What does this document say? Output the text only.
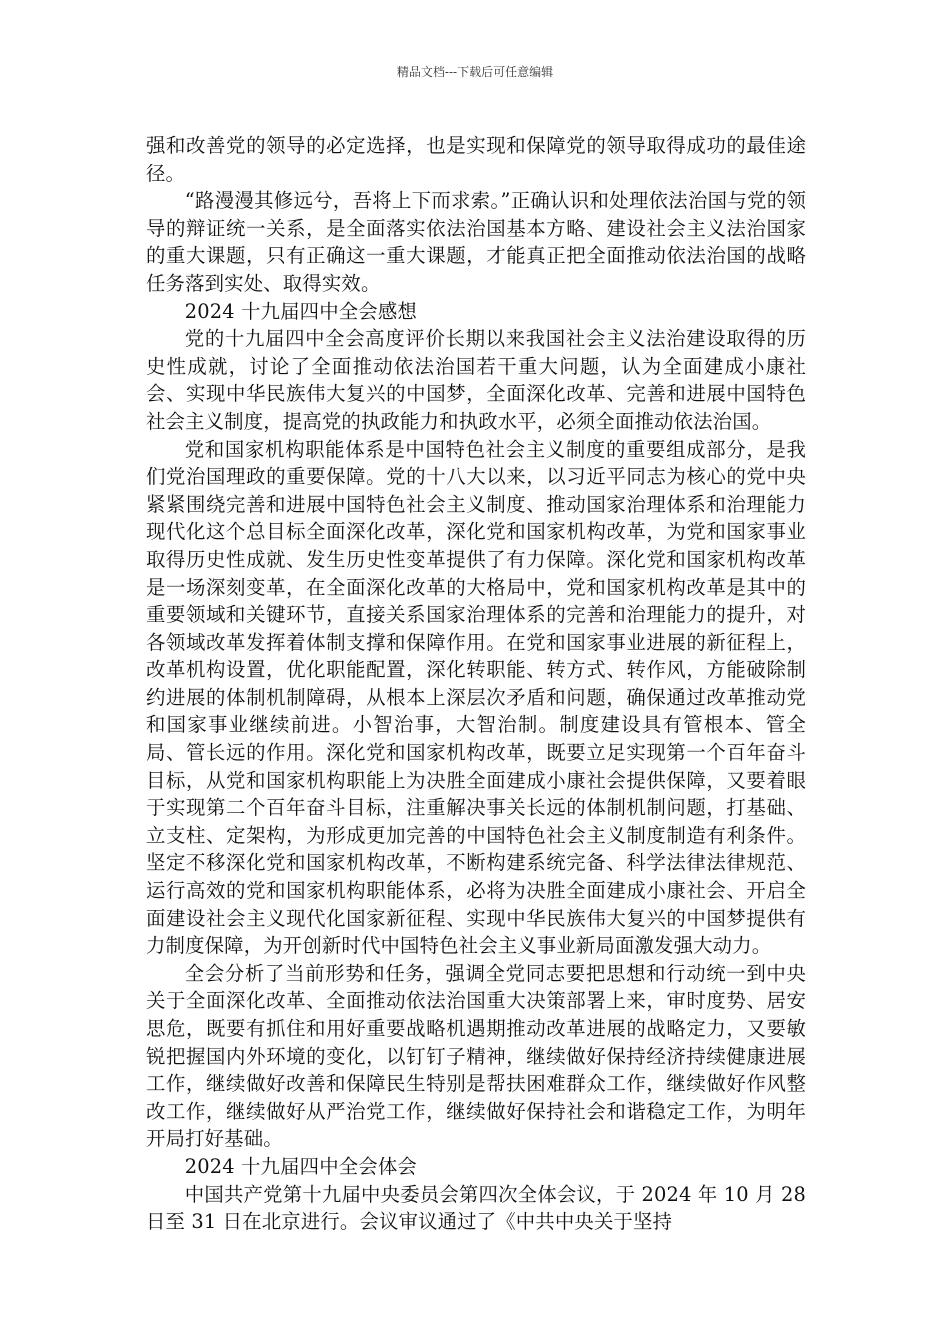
精品文档---下载后可任意编辑

强和改善党的领导的必定选择，也是实现和保障党的领导取得成功的最佳途径。

“路漫漫其修远兮，吾将上下而求索。”正确认识和处理依法治国与党的领导的辩证统一关系，是全面落实依法治国基本方略、建设社会主义法治国家的重大课题，只有正确这一重大课题，才能真正把全面推动依法治国的战略任务落到实处、取得实效。

2024 十九届四中全会感想

党的十九届四中全会高度评价长期以来我国社会主义法治建设取得的历史性成就，讨论了全面推动依法治国若干重大问题，认为全面建成小康社会、实现中华民族伟大复兴的中国梦，全面深化改革、完善和进展中国特色社会主义制度，提高党的执政能力和执政水平，必须全面推动依法治国。

党和国家机构职能体系是中国特色社会主义制度的重要组成部分，是我们党治国理政的重要保障。党的十八大以来，以习近平同志为核心的党中央紧紧围绕完善和进展中国特色社会主义制度、推动国家治理体系和治理能力现代化这个总目标全面深化改革，深化党和国家机构改革，为党和国家事业取得历史性成就、发生历史性变革提供了有力保障。深化党和国家机构改革是一场深刻变革，在全面深化改革的大格局中，党和国家机构改革是其中的重要领域和关键环节，直接关系国家治理体系的完善和治理能力的提升，对各领域改革发挥着体制支撑和保障作用。在党和国家事业进展的新征程上，改革机构设置，优化职能配置，深化转职能、转方式、转作风，方能破除制约进展的体制机制障碍，从根本上深层次矛盾和问题，确保通过改革推动党和国家事业继续前进。小智治事，大智治制。制度建设具有管根本、管全局、管长远的作用。深化党和国家机构改革，既要立足实现第一个百年奋斗目标，从党和国家机构职能上为决胜全面建成小康社会提供保障，又要着眼于实现第二个百年奋斗目标，注重解决事关长远的体制机制问题，打基础、立支柱、定架构，为形成更加完善的中国特色社会主义制度制造有利条件。坚定不移深化党和国家机构改革，不断构建系统完备、科学法律法律规范、运行高效的党和国家机构职能体系，必将为决胜全面建成小康社会、开启全面建设社会主义现代化国家新征程、实现中华民族伟大复兴的中国梦提供有力制度保障，为开创新时代中国特色社会主义事业新局面激发强大动力。

全会分析了当前形势和任务，强调全党同志要把思想和行动统一到中央关于全面深化改革、全面推动依法治国重大决策部署上来，审时度势、居安思危，既要有抓住和用好重要战略机遇期推动改革进展的战略定力，又要敏锐把握国内外环境的变化，以钉钉子精神，继续做好保持经济持续健康进展工作，继续做好改善和保障民生特别是帮扶困难群众工作，继续做好作风整改工作，继续做好从严治党工作，继续做好保持社会和谐稳定工作，为明年开局打好基础。

2024 十九届四中全会体会

中国共产党第十九届中央委员会第四次全体会议，于 2024 年 10 月 28 日至 31 日在北京进行。会议审议通过了《中共中央关于坚持
